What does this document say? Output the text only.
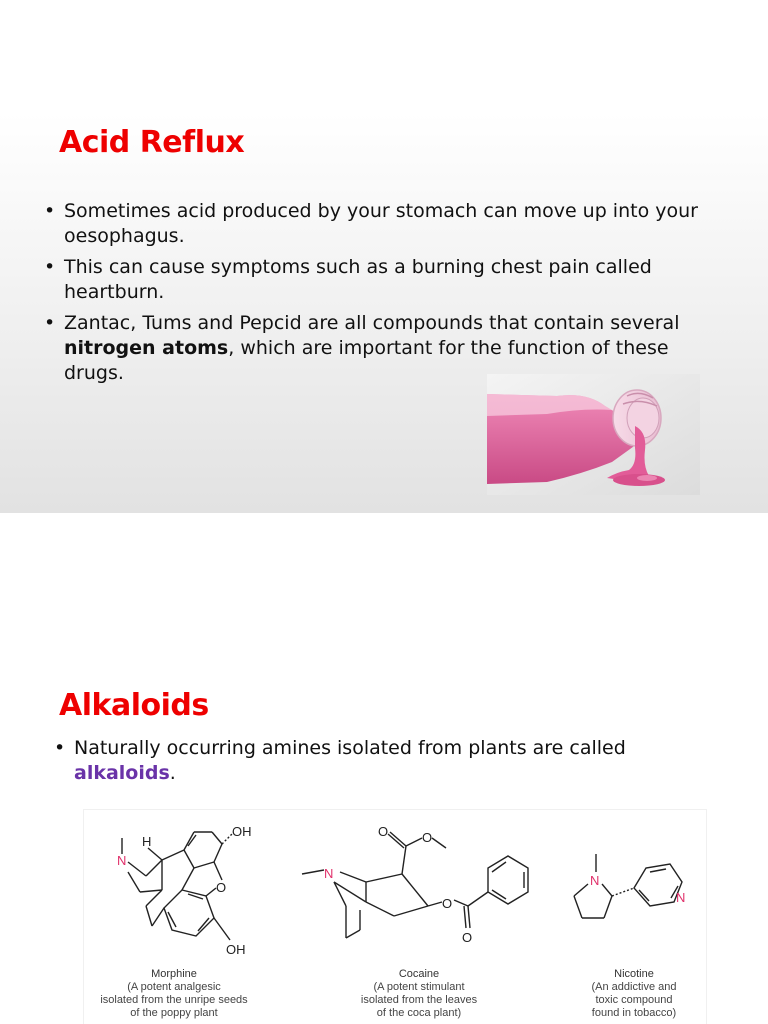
Acid Reflux
• Sometimes acid produced by your stomach can move up into your oesophagus.
• This can cause symptoms such as a burning chest pain called heartburn.
• Zantac, Tums and Pepcid are all compounds that contain several nitrogen atoms, which are important for the function of these drugs.
Alkaloids
• Naturally occurring amines isolated from plants are called alkaloids.
N
H
OH
O
OH
N
O	O
O
O
N
N
Morphine
(A potent analgesic
isolated from the unripe seeds
of the poppy plant
Cocaine
(A potent stimulant
isolated from the leaves
of the coca plant)
Nicotine
(An addictive and
toxic compound
found in tobacco)
